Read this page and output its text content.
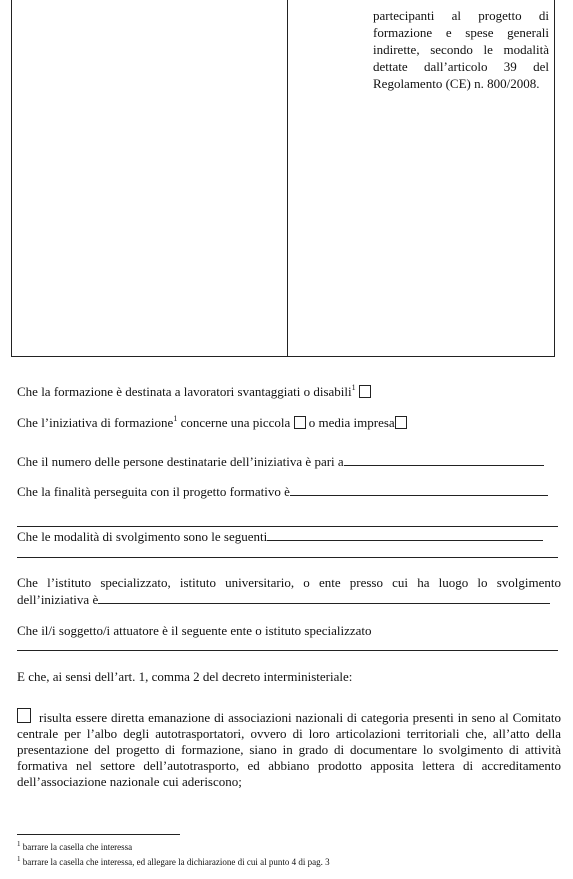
partecipanti al progetto di formazione e spese generali indirette, secondo le modalità dettate dall’articolo 39 del Regolamento (CE) n. 800/2008.
Che la formazione è destinata a lavoratori svantaggiati o disabili$^1$
Che l’iniziativa di formazione$^1$ concerne una piccola  o media impresa
Che il numero delle persone destinatarie dell’iniziativa è pari a
Che la finalità perseguita con il progetto formativo è
Che le modalità di svolgimento sono le seguenti
Che l’istituto specializzato, istituto universitario, o ente presso cui ha luogo lo svolgimento dell’iniziativa è
Che il/i soggetto/i attuatore è il seguente ente o istituto specializzato
E che, ai sensi dell’art. 1, comma 2 del decreto interministeriale:
risulta essere diretta emanazione di associazioni nazionali di categoria presenti in seno al Comitato centrale per l’albo degli autotrasportatori, ovvero di loro articolazioni territoriali che, all’atto della presentazione del progetto di formazione, siano in grado di documentare lo svolgimento di attività formativa nel settore dell’autotrasporto, ed abbiano prodotto apposita lettera di accreditamento dell’associazione nazionale cui aderiscono;
$^1$ barrare la casella che interessa
$^1$ barrare la casella che interessa, ed allegare la dichiarazione di cui al punto 4 di pag. 3
